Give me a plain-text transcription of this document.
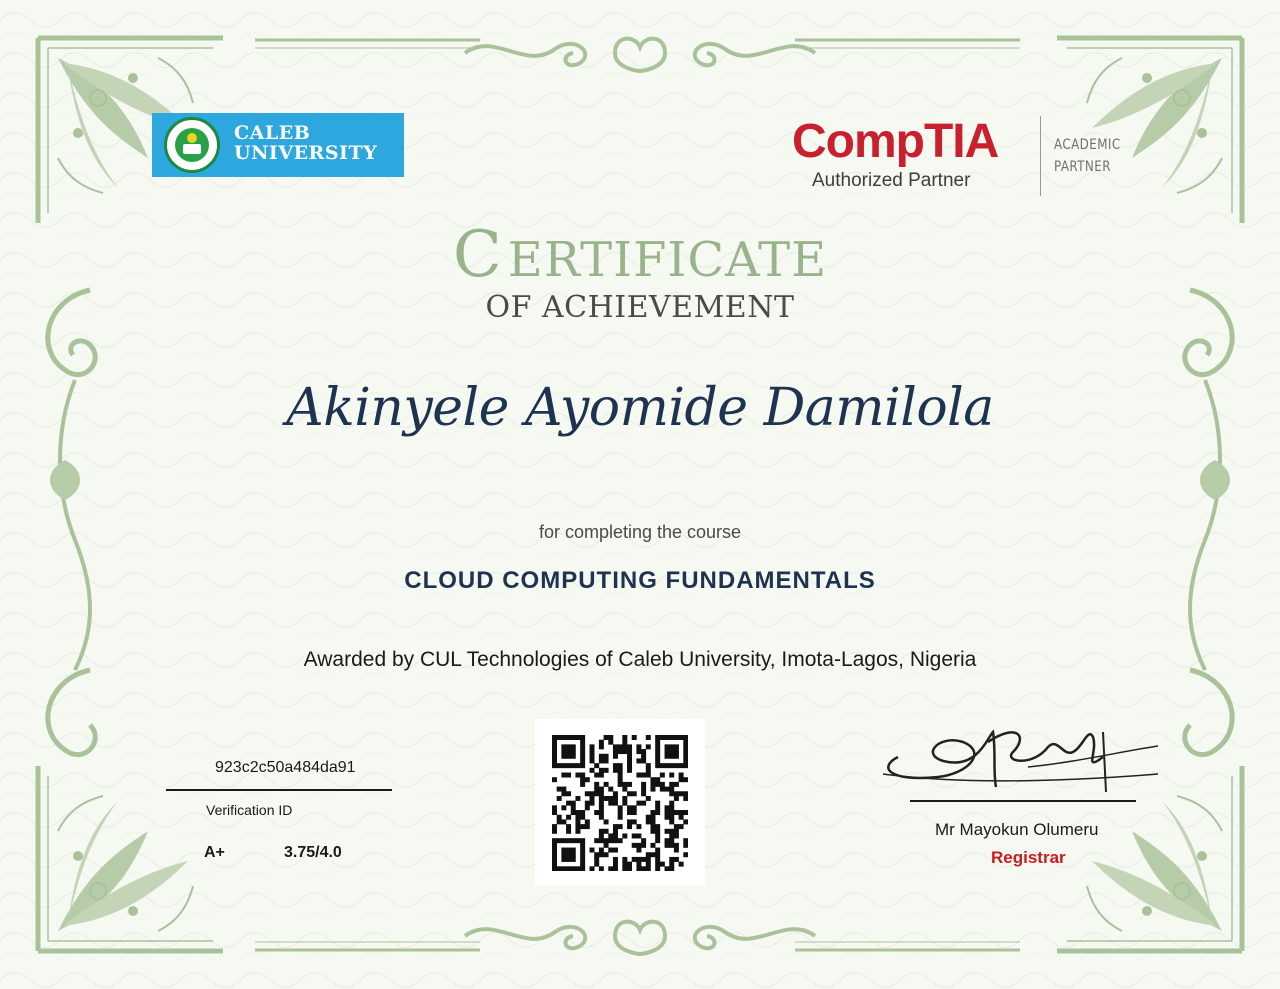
CALEB
UNIVERSITY	CompTIA
Authorized Partner
ACADEMIC
PARTNER
C ERTIFICATE
OF ACHIEVEMENT
Akinyele Ayomide Damilola
for completing the course
CLOUD COMPUTING FUNDAMENTALS
Awarded by CUL Technologies of Caleb University, Imota-Lagos, Nigeria
923c2c50a484da91
Verification ID
A+	3.75/4.0
Mr Mayokun Olumeru
Registrar
